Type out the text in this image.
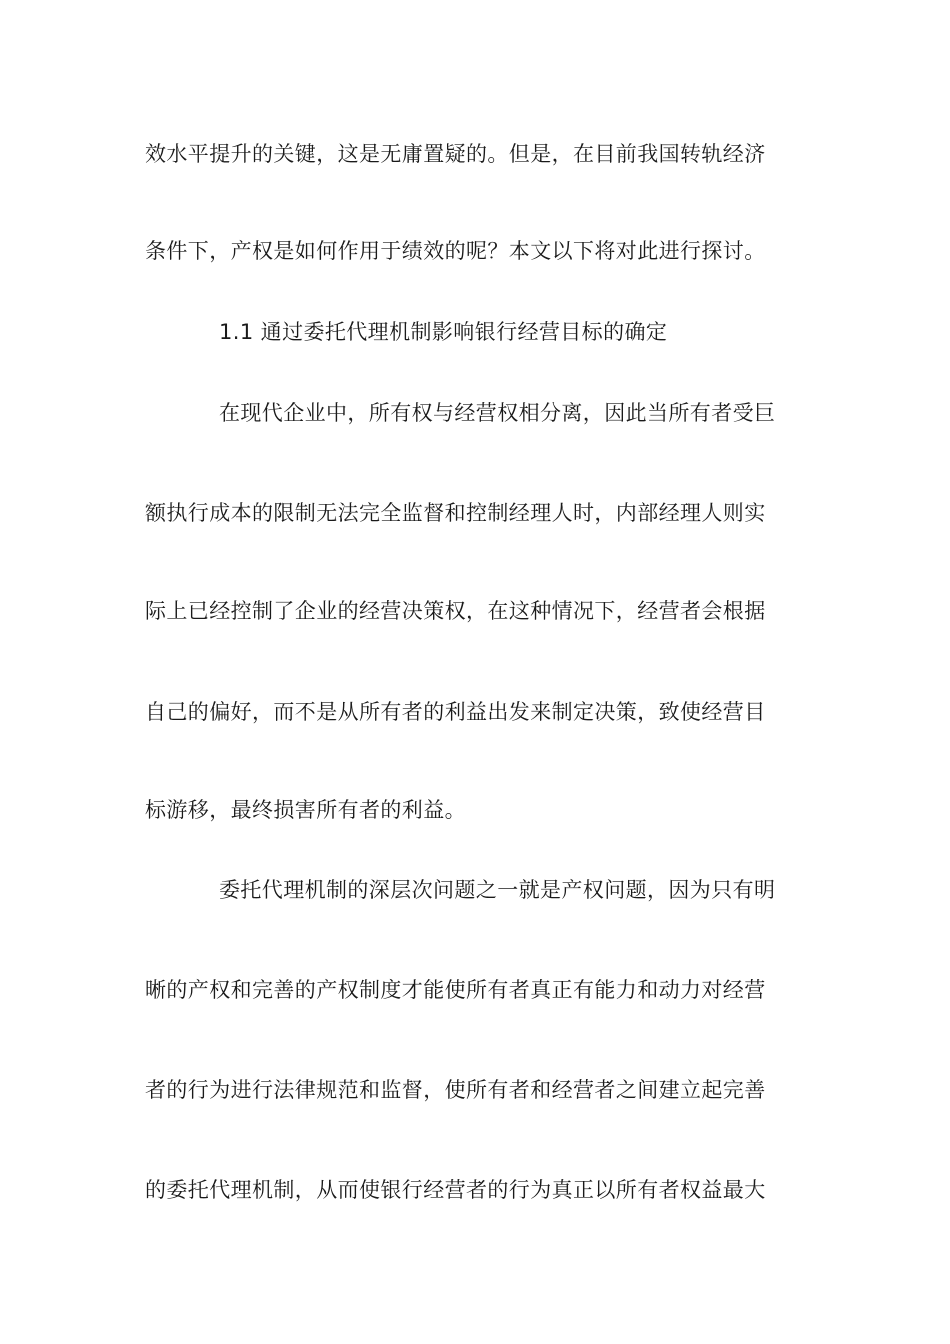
效水平提升的关键，这是无庸置疑的。但是，在目前我国转轨经济
条件下，产权是如何作用于绩效的呢？本文以下将对此进行探讨。
1.1 通过委托代理机制影响银行经营目标的确定
在现代企业中，所有权与经营权相分离，因此当所有者受巨
额执行成本的限制无法完全监督和控制经理人时，内部经理人则实
际上已经控制了企业的经营决策权，在这种情况下，经营者会根据
自己的偏好，而不是从所有者的利益出发来制定决策，致使经营目
标游移，最终损害所有者的利益。
委托代理机制的深层次问题之一就是产权问题，因为只有明
晰的产权和完善的产权制度才能使所有者真正有能力和动力对经营
者的行为进行法律规范和监督，使所有者和经营者之间建立起完善
的委托代理机制，从而使银行经营者的行为真正以所有者权益最大
